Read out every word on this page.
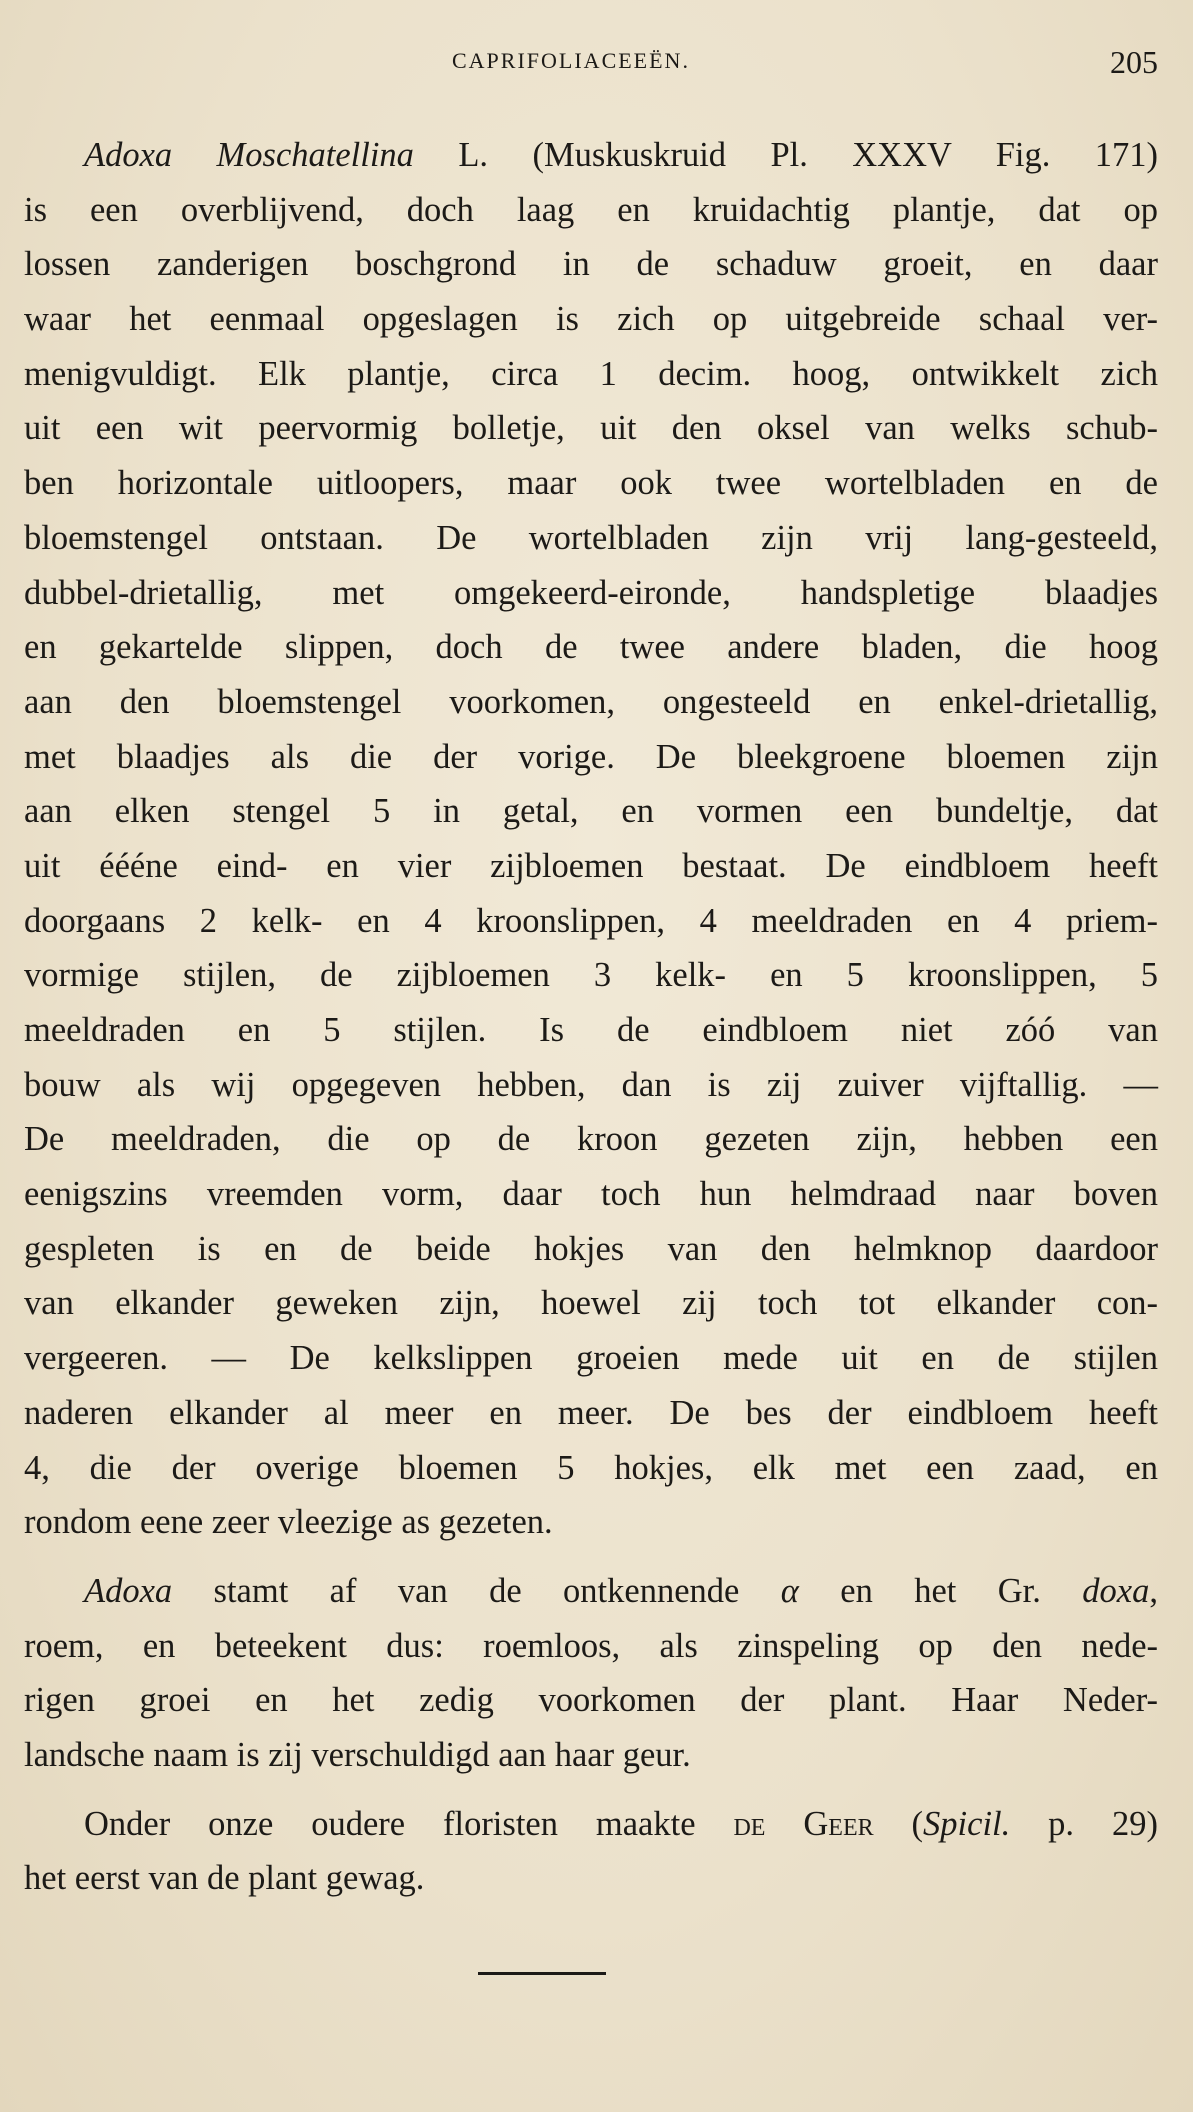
CAPRIFOLIACEEËN.	205
Adoxa Moschatellina L. (Muskuskruid Pl. XXXV Fig. 171)
is een overblijvend, doch laag en kruidachtig plantje, dat op
lossen zanderigen boschgrond in de schaduw groeit, en daar
waar het eenmaal opgeslagen is zich op uitgebreide schaal ver-
menigvuldigt. Elk plantje, circa 1 decim. hoog, ontwikkelt zich
uit een wit peervormig bolletje, uit den oksel van welks schub-
ben horizontale uitloopers, maar ook twee wortelbladen en de
bloemstengel ontstaan. De wortelbladen zijn vrij lang-gesteeld,
dubbel-drietallig, met omgekeerd-eironde, handspletige blaadjes
en gekartelde slippen, doch de twee andere bladen, die hoog
aan den bloemstengel voorkomen, ongesteeld en enkel-drietallig,
met blaadjes als die der vorige. De bleekgroene bloemen zijn
aan elken stengel 5 in getal, en vormen een bundeltje, dat
uit éééne eind- en vier zijbloemen bestaat. De eindbloem heeft
doorgaans 2 kelk- en 4 kroonslippen, 4 meeldraden en 4 priem-
vormige stijlen, de zijbloemen 3 kelk- en 5 kroonslippen, 5
meeldraden en 5 stijlen. Is de eindbloem niet zóó van
bouw als wij opgegeven hebben, dan is zij zuiver vijftallig. —
De meeldraden, die op de kroon gezeten zijn, hebben een
eenigszins vreemden vorm, daar toch hun helmdraad naar boven
gespleten is en de beide hokjes van den helmknop daardoor
van elkander geweken zijn, hoewel zij toch tot elkander con-
vergeeren. — De kelkslippen groeien mede uit en de stijlen
naderen elkander al meer en meer. De bes der eindbloem heeft
4, die der overige bloemen 5 hokjes, elk met een zaad, en
rondom eene zeer vleezige as gezeten.
Adoxa stamt af van de ontkennende α en het Gr. doxa,
roem, en beteekent dus: roemloos, als zinspeling op den nede-
rigen groei en het zedig voorkomen der plant. Haar Neder-
landsche naam is zij verschuldigd aan haar geur.
Onder onze oudere floristen maakte de Geer (Spicil. p. 29)
het eerst van de plant gewag.
